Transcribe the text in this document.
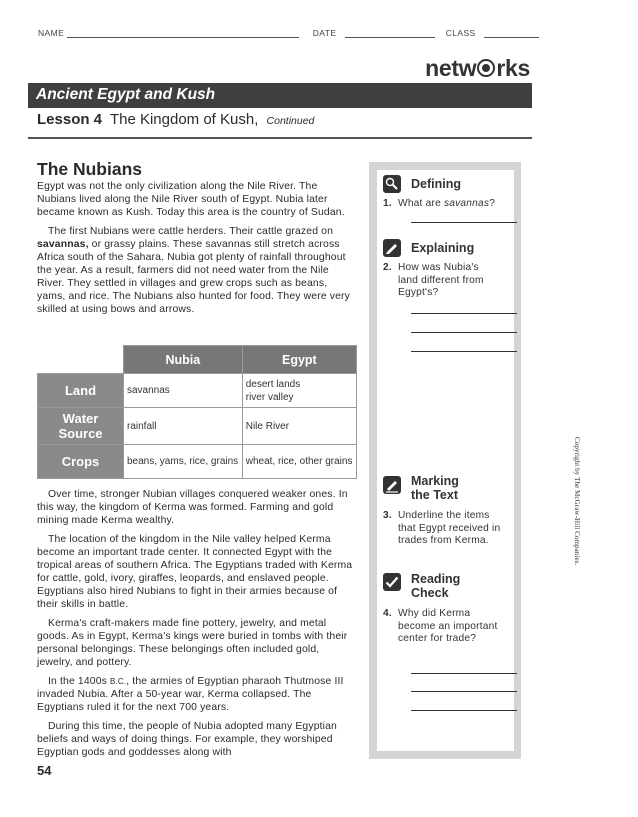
NAME	DATE	CLASS
netw rks
Ancient Egypt and Kush
Lesson 4 The Kingdom of Kush, Continued
The Nubians

Egypt was not the only civilization along the Nile River. The Nubians lived along the Nile River south of Egypt. Nubia later became known as Kush. Today this area is the country of Sudan.

The first Nubians were cattle herders. Their cattle grazed on savannas, or grassy plains. These savannas still stretch across Africa south of the Sahara. Nubia got plenty of rainfall throughout the year. As a result, farmers did not need water from the Nile River. They settled in villages and grew crops such as beans, yams, and rice. The Nubians also hunted for food. They were very skilled at using bows and arrows.

	Nubia	Egypt
Land	savannas	desert lands
river valley
Water
Source	rainfall	Nile River
Crops	beans, yams, rice, grains	wheat, rice, other grains

Over time, stronger Nubian villages conquered weaker ones. In this way, the kingdom of Kerma was formed. Farming and gold mining made Kerma wealthy.

The location of the kingdom in the Nile valley helped Kerma become an important trade center. It connected Egypt with the tropical areas of southern Africa. The Egyptians traded with Kerma for cattle, gold, ivory, giraffes, leopards, and enslaved people. Egyptians also hired Nubians to fight in their armies because of their skills in battle.

Kerma's craft-makers made fine pottery, jewelry, and metal goods. As in Egypt, Kerma's kings were buried in tombs with their personal belongings. These belongings often included gold, jewelry, and pottery.

In the 1400s B.C., the armies of Egyptian pharaoh Thutmose III invaded Nubia. After a 50-year war, Kerma collapsed. The Egyptians ruled it for the next 700 years.

During this time, the people of Nubia adopted many Egyptian beliefs and ways of doing things. For example, they worshiped Egyptian gods and goddesses along with

54
Defining
1. What are savannas?
Explaining
2. How was Nubia's land different from Egypt's?
Marking
the Text
3. Underline the items that Egypt received in trades from Kerma.
Reading
Check
4. Why did Kerma become an important center for trade?
Copyright by The McGraw-Hill Companies.
